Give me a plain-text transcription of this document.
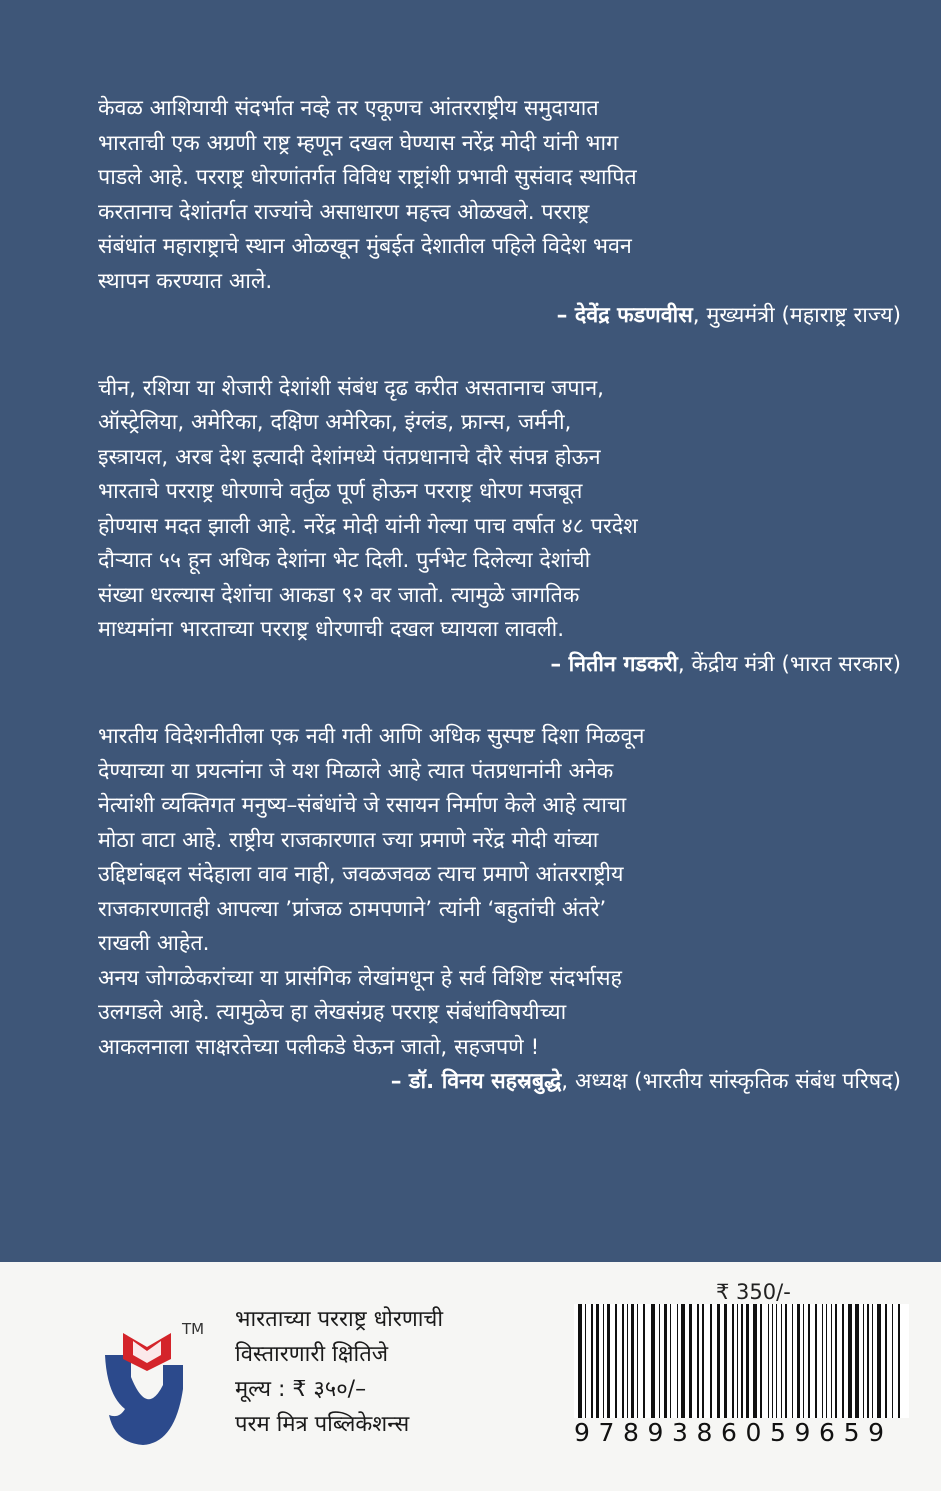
केवळ आशियायी संदर्भात नव्हे तर एकूणच आंतरराष्ट्रीय समुदायात
भारताची एक अग्रणी राष्ट्र म्हणून दखल घेण्यास नरेंद्र मोदी यांनी भाग
पाडले आहे. परराष्ट्र धोरणांतर्गत विविध राष्ट्रांशी प्रभावी सुसंवाद स्थापित
करतानाच देशांतर्गत राज्यांचे असाधारण महत्त्व ओळखले. परराष्ट्र
संबंधांत महाराष्ट्राचे स्थान ओळखून मुंबईत देशातील पहिले विदेश भवन
स्थापन करण्यात आले.

– देवेंद्र फडणवीस, मुख्यमंत्री (महाराष्ट्र राज्य)

चीन, रशिया या शेजारी देशांशी संबंध दृढ करीत असतानाच जपान,
ऑस्ट्रेलिया, अमेरिका, दक्षिण अमेरिका, इंग्लंड, फ्रान्स, जर्मनी,
इस्त्रायल, अरब देश इत्यादी देशांमध्ये पंतप्रधानाचे दौरे संपन्न होऊन
भारताचे परराष्ट्र धोरणाचे वर्तुळ पूर्ण होऊन परराष्ट्र धोरण मजबूत
होण्यास मदत झाली आहे. नरेंद्र मोदी यांनी गेल्या पाच वर्षात ४८ परदेश
दौऱ्यात ५५ हून अधिक देशांना भेट दिली. पुर्नभेट दिलेल्या देशांची
संख्या धरल्यास देशांचा आकडा ९२ वर जातो. त्यामुळे जागतिक
माध्यमांना भारताच्या परराष्ट्र धोरणाची दखल घ्यायला लावली.

– नितीन गडकरी, केंद्रीय मंत्री (भारत सरकार)

भारतीय विदेशनीतीला एक नवी गती आणि अधिक सुस्पष्ट दिशा मिळवून
देण्याच्या या प्रयत्नांना जे यश मिळाले आहे त्यात पंतप्रधानांनी अनेक
नेत्यांशी व्यक्तिगत मनुष्य–संबंधांचे जे रसायन निर्माण केले आहे त्याचा
मोठा वाटा आहे. राष्ट्रीय राजकारणात ज्या प्रमाणे नरेंद्र मोदी यांच्या
उद्दिष्टांबद्दल संदेहाला वाव नाही, जवळजवळ त्याच प्रमाणे आंतरराष्ट्रीय
राजकारणातही आपल्या ’प्रांजळ ठामपणाने’ त्यांनी ‘बहुतांची अंतरे’
राखली आहेत.
अनय जोगळेकरांच्या या प्रासंगिक लेखांमधून हे सर्व विशिष्ट संदर्भासह
उलगडले आहे. त्यामुळेच हा लेखसंग्रह परराष्ट्र संबंधांविषयीच्या
आकलनाला साक्षरतेच्या पलीकडे घेऊन जातो, सहजपणे !

– डॉ. विनय सहस्रबुद्धे, अध्यक्ष (भारतीय सांस्कृतिक संबंध परिषद)
TM भारताच्या परराष्ट्र धोरणाची
विस्तारणारी क्षितिजे
मूल्य : ₹ ३५०/–
परम मित्र पब्लिकेशन्स
₹ 350/-
9789386059659
